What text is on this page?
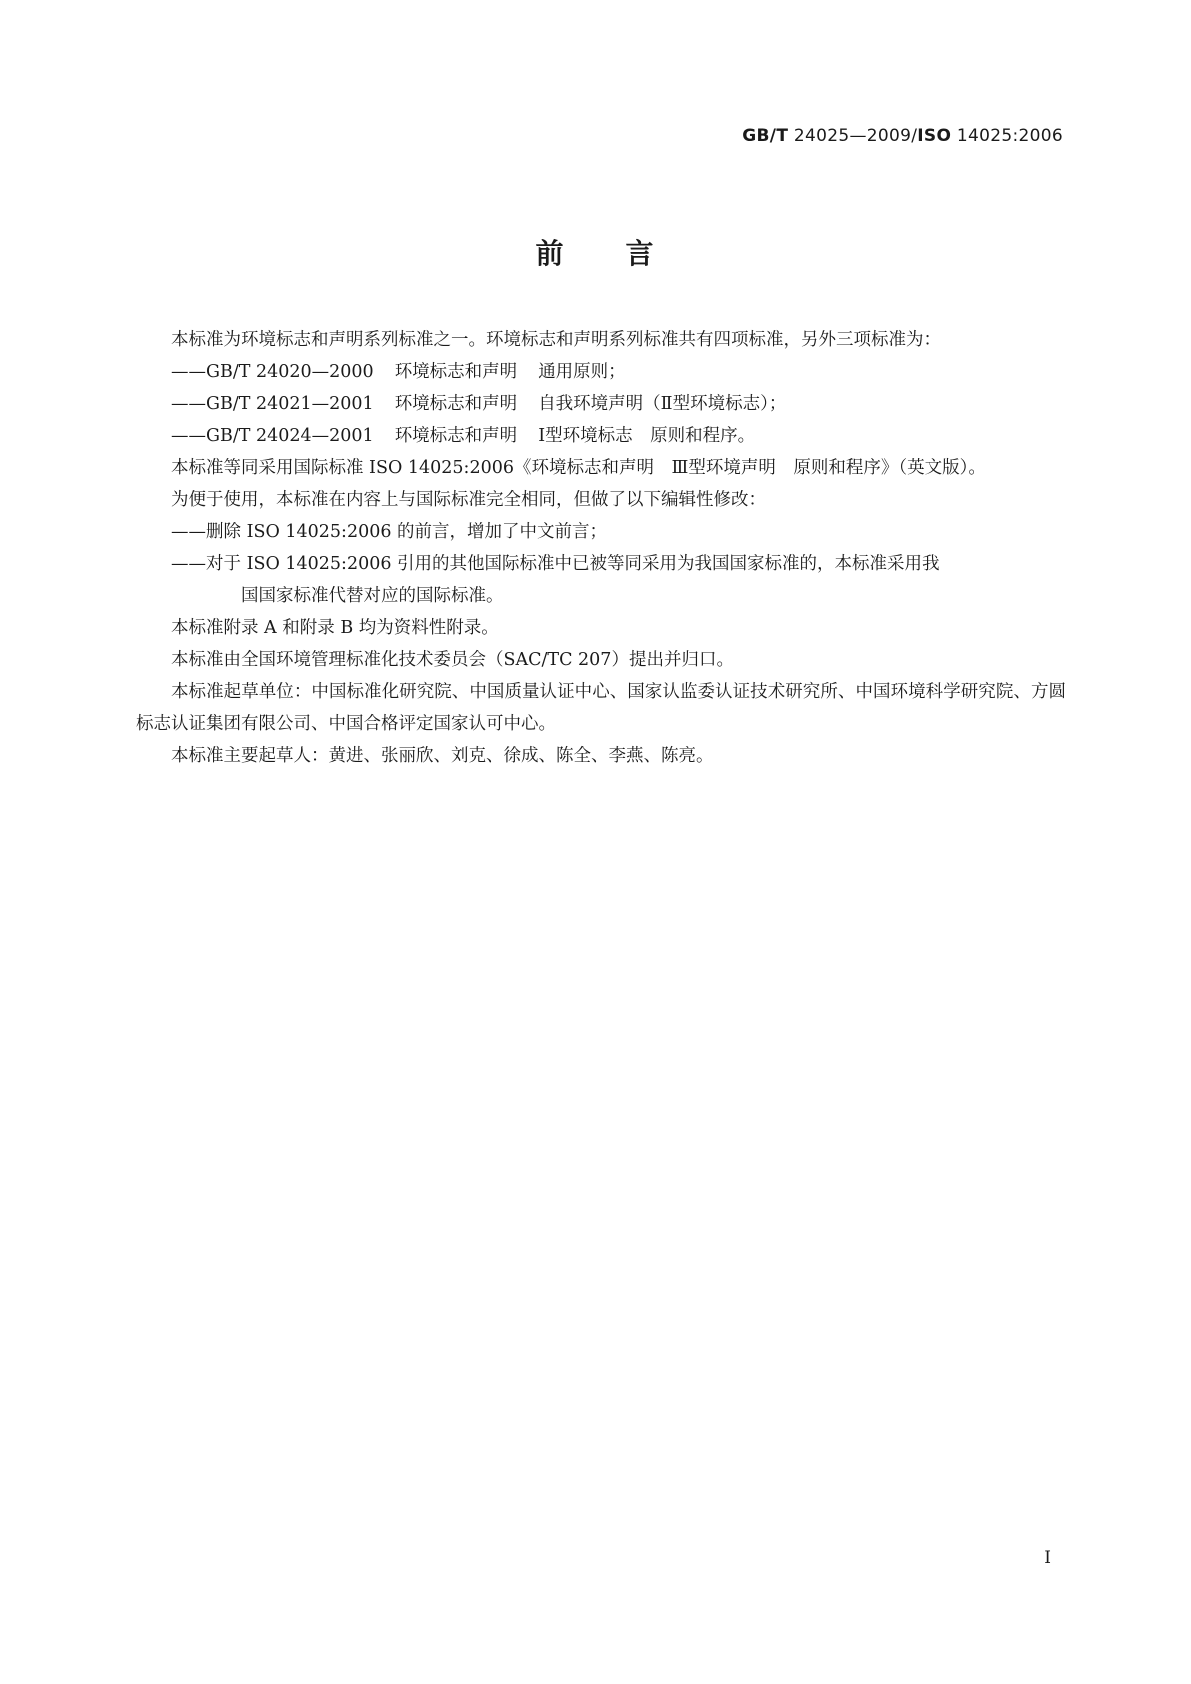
GB/T 24025—2009/ISO 14025:2006
前 言

本标准为环境标志和声明系列标准之一。环境标志和声明系列标准共有四项标准，另外三项标准为：

——GB/T 24020—2000 环境标志和声明 通用原则；

——GB/T 24021—2001 环境标志和声明 自我环境声明（Ⅱ型环境标志）；

——GB/T 24024—2001 环境标志和声明 Ⅰ型环境标志　原则和程序。

本标准等同采用国际标准 ISO 14025:2006《环境标志和声明　Ⅲ型环境声明　原则和程序》（英文版）。

为便于使用，本标准在内容上与国际标准完全相同，但做了以下编辑性修改：

——删除 ISO 14025:2006 的前言，增加了中文前言；

——对于 ISO 14025:2006 引用的其他国际标准中已被等同采用为我国国家标准的，本标准采用我
国国家标准代替对应的国际标准。

本标准附录 A 和附录 B 均为资料性附录。

本标准由全国环境管理标准化技术委员会（SAC/TC 207）提出并归口。

本标准起草单位：中国标准化研究院、中国质量认证中心、国家认监委认证技术研究所、中国环境科学研究院、方圆标志认证集团有限公司、中国合格评定国家认可中心。

本标准主要起草人：黄进、张丽欣、刘克、徐成、陈全、李燕、陈亮。

Ⅰ
